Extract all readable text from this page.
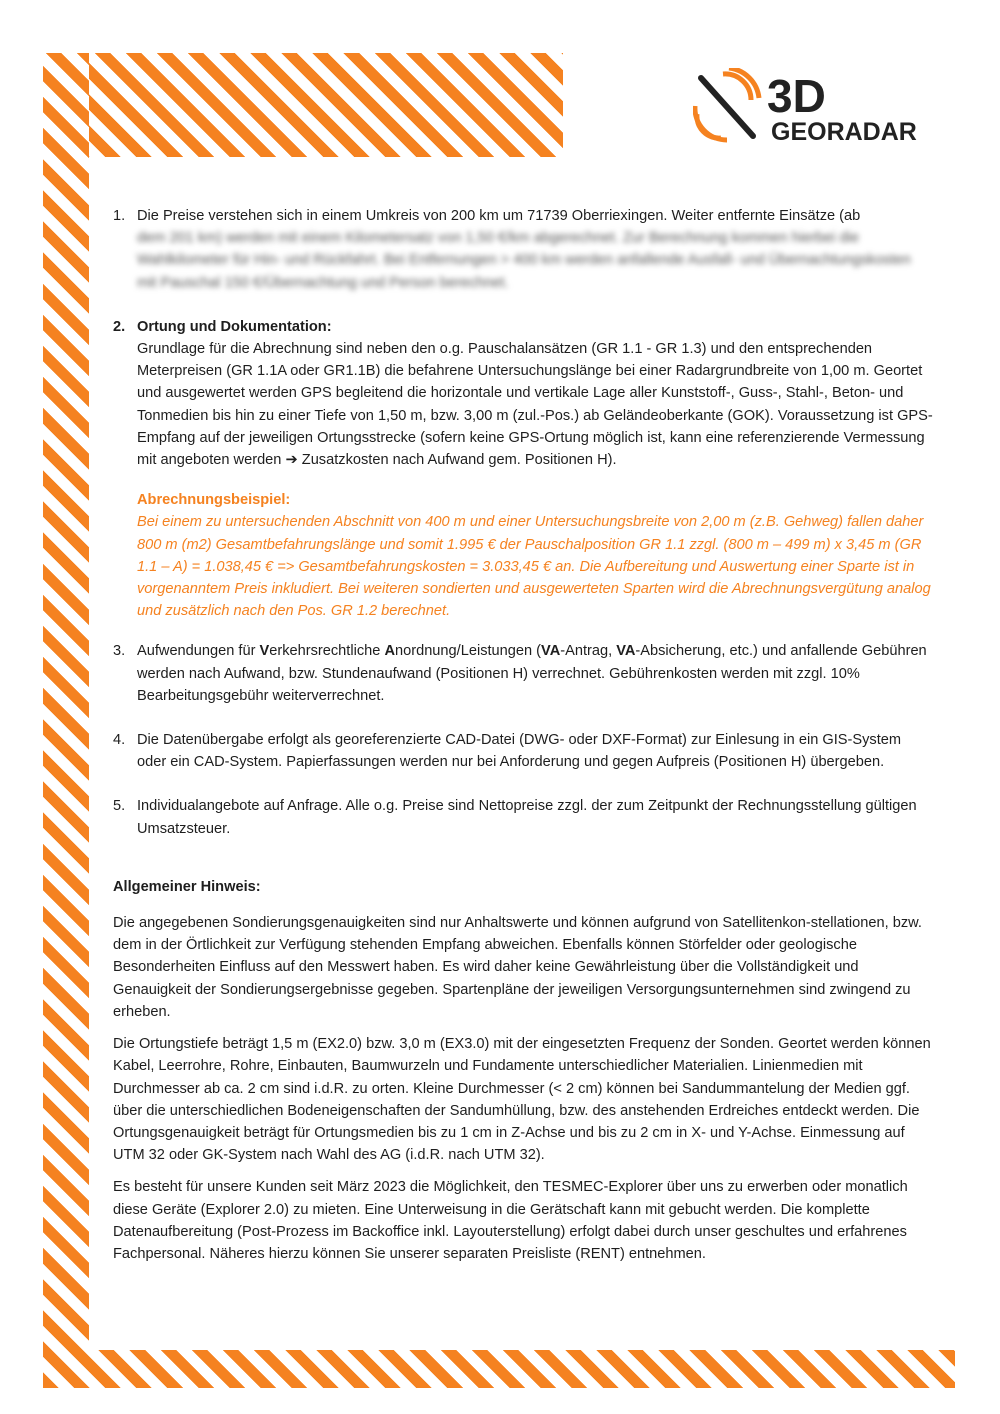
3D
GEORADAR
1. Die Preise verstehen sich in einem Umkreis von 200 km um 71739 Oberriexingen. Weiter entfernte Einsätze (ab

dem 201 km) werden mit einem Kilometersatz von 1,50 €/km abgerechnet. Zur Berechnung kommen hierbei die Wahlkilometer für Hin- und Rückfahrt. Bei Entfernungen > 400 km werden anfallende Ausfall- und Übernachtungskosten mit Pauschal 150 €/Übernachtung und Person berechnet.

2. Ortung und Dokumentation:

Grundlage für die Abrechnung sind neben den o.g. Pauschalansätzen (GR 1.1 - GR 1.3) und den entsprechenden Meterpreisen (GR 1.1A oder GR1.1B) die befahrene Untersuchungslänge bei einer Radargrundbreite von 1,00 m. Geortet und ausgewertet werden GPS begleitend die horizontale und vertikale Lage aller Kunststoff-, Guss-, Stahl-, Beton- und Tonmedien bis hin zu einer Tiefe von 1,50 m, bzw. 3,00 m (zul.-Pos.) ab Geländeoberkante (GOK). Voraussetzung ist GPS-Empfang auf der jeweiligen Ortungsstrecke (sofern keine GPS-Ortung möglich ist, kann eine referenzierende Vermessung mit angeboten werden ➔ Zusatzkosten nach Aufwand gem. Positionen H).

Abrechnungsbeispiel:

Bei einem zu untersuchenden Abschnitt von 400 m und einer Untersuchungsbreite von 2,00 m (z.B. Gehweg) fallen daher 800 m (m2) Gesamtbefahrungslänge und somit 1.995 € der Pauschalposition GR 1.1 zzgl. (800 m – 499 m) x 3,45 m (GR 1.1 – A) = 1.038,45 € => Gesamtbefahrungskosten = 3.033,45 € an. Die Aufbereitung und Auswertung einer Sparte ist in vorgenanntem Preis inkludiert. Bei weiteren sondierten und ausgewerteten Sparten wird die Abrechnungsvergütung analog und zusätzlich nach den Pos. GR 1.2 berechnet.

3. Aufwendungen für Verkehrsrechtliche Anordnung/Leistungen (VA-Antrag, VA-Absicherung, etc.) und anfallende Gebühren werden nach Aufwand, bzw. Stundenaufwand (Positionen H) verrechnet. Gebührenkosten werden mit zzgl. 10% Bearbeitungsgebühr weiterverrechnet.

4. Die Datenübergabe erfolgt als georeferenzierte CAD-Datei (DWG- oder DXF-Format) zur Einlesung in ein GIS-System oder ein CAD-System. Papierfassungen werden nur bei Anforderung und gegen Aufpreis (Positionen H) übergeben.

5. Individualangebote auf Anfrage. Alle o.g. Preise sind Nettopreise zzgl. der zum Zeitpunkt der Rechnungsstellung gültigen Umsatzsteuer.

Allgemeiner Hinweis:

Die angegebenen Sondierungsgenauigkeiten sind nur Anhaltswerte und können aufgrund von Satellitenkon-stellationen, bzw. dem in der Örtlichkeit zur Verfügung stehenden Empfang abweichen. Ebenfalls können Störfelder oder geologische Besonderheiten Einfluss auf den Messwert haben. Es wird daher keine Gewährleistung über die Vollständigkeit und Genauigkeit der Sondierungsergebnisse gegeben. Spartenpläne der jeweiligen Versorgungsunternehmen sind zwingend zu erheben.

Die Ortungstiefe beträgt 1,5 m (EX2.0) bzw. 3,0 m (EX3.0) mit der eingesetzten Frequenz der Sonden. Geortet werden können Kabel, Leerrohre, Rohre, Einbauten, Baumwurzeln und Fundamente unterschiedlicher Materialien. Linienmedien mit Durchmesser ab ca. 2 cm sind i.d.R. zu orten. Kleine Durchmesser (< 2 cm) können bei Sandummantelung der Medien ggf. über die unterschiedlichen Bodeneigenschaften der Sandumhüllung, bzw. des anstehenden Erdreiches entdeckt werden. Die Ortungsgenauigkeit beträgt für Ortungsmedien bis zu 1 cm in Z-Achse und bis zu 2 cm in X- und Y-Achse. Einmessung auf UTM 32 oder GK-System nach Wahl des AG (i.d.R. nach UTM 32).

Es besteht für unsere Kunden seit März 2023 die Möglichkeit, den TESMEC-Explorer über uns zu erwerben oder monatlich diese Geräte (Explorer 2.0) zu mieten. Eine Unterweisung in die Gerätschaft kann mit gebucht werden. Die komplette Datenaufbereitung (Post-Prozess im Backoffice inkl. Layouterstellung) erfolgt dabei durch unser geschultes und erfahrenes Fachpersonal. Näheres hierzu können Sie unserer separaten Preisliste (RENT) entnehmen.
